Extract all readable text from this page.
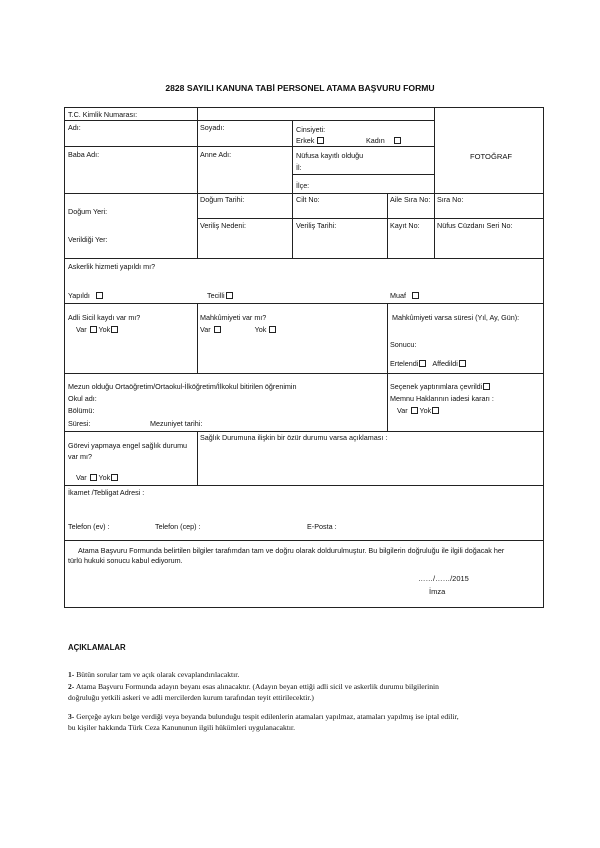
2828 SAYILI KANUNA TABİ PERSONEL ATAMA BAŞVURU FORMU
T.C. Kimlik Numarası:
Adı:	Soyadı:	Cinsiyeti:
Erkek	Kadın
Baba Adı:	Anne Adı:	Nüfusa kayıtlı olduğu
İl:
İlçe:
FOTOĞRAF
Doğum Yeri:
Doğum Tarihi:	Cilt No:	Aile Sıra No: Sıra No:
Verildiği Yer:
Veriliş Nedeni:	Veriliş Tarihi:	Kayıt No: Nüfus Cüzdanı Seri No:
Askerlik hizmeti yapıldı mı?
Yapıldı	Tecilli	Muaf
Adli Sicil kaydı var mı?
Var Yok
Mahkûmiyeti var mı?
Var	Yok
Mahkûmiyeti varsa süresi (Yıl, Ay, Gün):
Sonucu:
Ertelendi Affedildi
Mezun olduğu Ortaöğretim/Ortaokul-İlköğretim/İlkokul bitirilen öğrenimin
Okul adı:
Bölümü:
Süresi:	Mezuniyet tarihi:
Seçenek yaptırımlara çevrildi
Memnu Haklarının iadesi kararı :
Var Yok
Görevi yapmaya engel sağlık durumu
var mı?
Var Yok
Sağlık Durumuna ilişkin bir özür durumu varsa açıklaması :
İkamet /Tebligat Adresi :
Telefon (ev) :	Telefon (cep) :	E-Posta :
Atama Başvuru Formunda belirtilen bilgiler tarafımdan tam ve doğru olarak doldurulmuştur. Bu bilgilerin doğruluğu ile ilgili doğacak her
türlü hukuki sonucu kabul ediyorum.
……/……/2015
İmza
AÇIKLAMALAR
1- Bütün sorular tam ve açık olarak cevaplandırılacaktır.
2- Atama Başvuru Formunda adayın beyanı esas alınacaktır. (Adayın beyan ettiği adli sicil ve askerlik durumu bilgilerinin
doğruluğu yetkili askeri ve adli mercilerden kurum tarafından teyit ettirilecektir.)
3- Gerçeğe aykırı belge verdiği veya beyanda bulunduğu tespit edilenlerin atamaları yapılmaz, atamaları yapılmış ise iptal edilir,
bu kişiler hakkında Türk Ceza Kanununun ilgili hükümleri uygulanacaktır.
